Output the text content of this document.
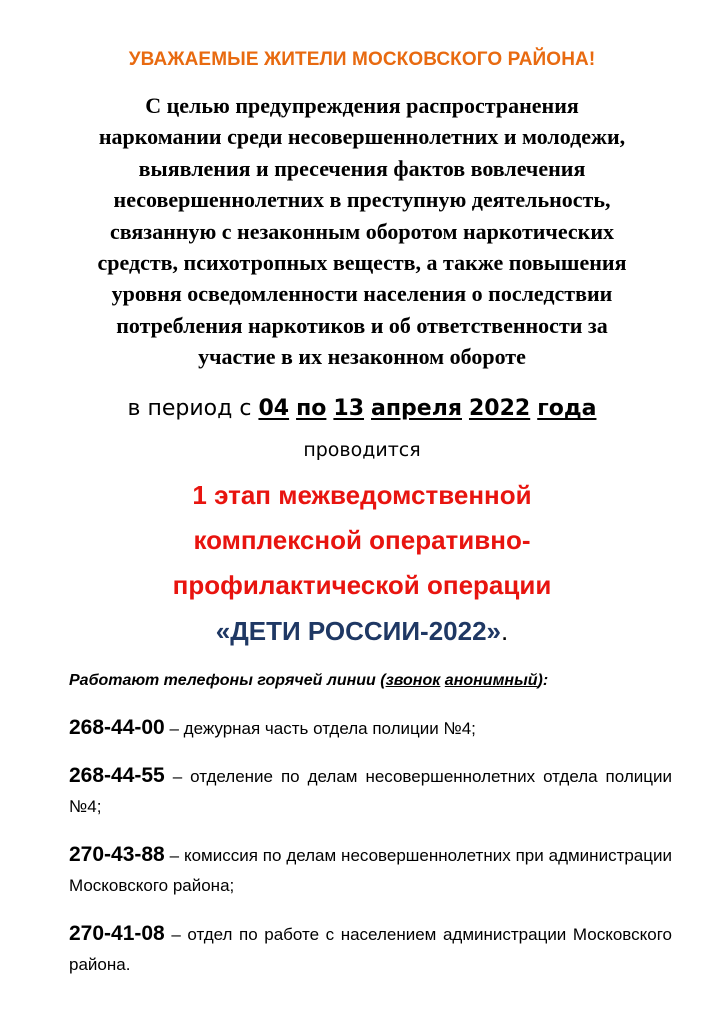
УВАЖАЕМЫЕ ЖИТЕЛИ МОСКОВСКОГО РАЙОНА!
С целью предупреждения распространения
наркомании среди несовершеннолетних и молодежи,
выявления и пресечения фактов вовлечения
несовершеннолетних в преступную деятельность,
связанную с незаконным оборотом наркотических
средств, психотропных веществ, а также повышения
уровня осведомленности населения о последствии
потребления наркотиков и об ответственности за
участие в их незаконном обороте
в период с 04 по 13 апреля 2022 года
проводится
1 этап межведомственной
комплексной оперативно-
профилактической операции
«ДЕТИ РОССИИ-2022».
Работают телефоны горячей линии (звонок анонимный):
268-44-00 – дежурная часть отдела полиции №4;
268-44-55 – отделение по делам несовершеннолетних отдела полиции №4;
270-43-88 – комиссия по делам несовершеннолетних при администрации Московского района;
270-41-08 – отдел по работе с населением администрации Московского района.
